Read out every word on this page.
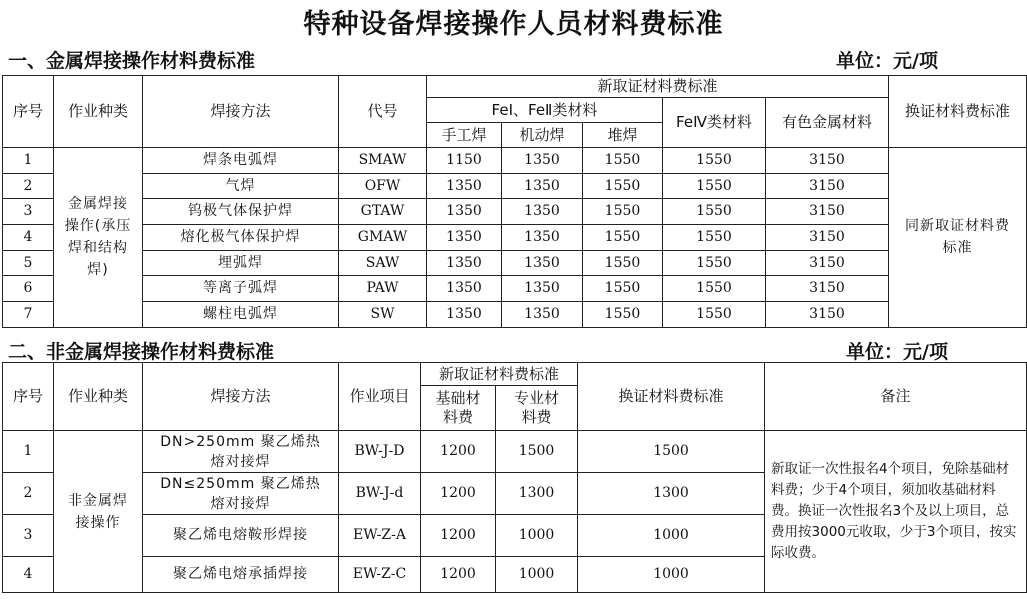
特种设备焊接操作人员材料费标准
一、金属焊接操作材料费标准	单位：元/项
序号	作业种类	焊接方法	代号	新取证材料费标准					换证材料费标准
				FeⅠ、FeⅡ类材料			FeⅣ类材料	有色金属材料	
				手工焊	机动焊	堆焊			
1	金属焊接操作(承压焊和结构焊)	焊条电弧焊	SMAW	1150	1350	1550	1550	3150	同新取证材料费标准

2		气焊	OFW	1350	1350	1550	1550	3150	
3		钨极气体保护焊	GTAW	1350	1350	1550	1550	3150	
4		熔化极气体保护焊	GMAW	1350	1350	1550	1550	3150	
5		埋弧焊	SAW	1350	1350	1550	1550	3150	
6		等离子弧焊	PAW	1350	1350	1550	1550	3150	
7		螺柱电弧焊	SW	1350	1350	1550	1550	3150	
二、非金属焊接操作材料费标准	单位：元/项
序号	作业种类	焊接方法	作业项目	新取证材料费标准		换证材料费标准	备注

				基础材料费	专业材料费		

1	非金属焊接操作	DN>250mm 聚乙烯热熔对接焊	BW-J-D	1200	1500	1500	新取证一次性报名4个项目，免除基础材料费；少于4个项目，须加收基础材料费。换证一次性报名3个及以上项目，总费用按3000元收取，少于3个项目，按实际收费。
2		DN≤250mm 聚乙烯热熔对接焊	BW-J-d	1200	1300	1300	
3		聚乙烯电熔鞍形焊接	EW-Z-A	1200	1000	1000	
4		聚乙烯电熔承插焊接	EW-Z-C	1200	1000	1000	
